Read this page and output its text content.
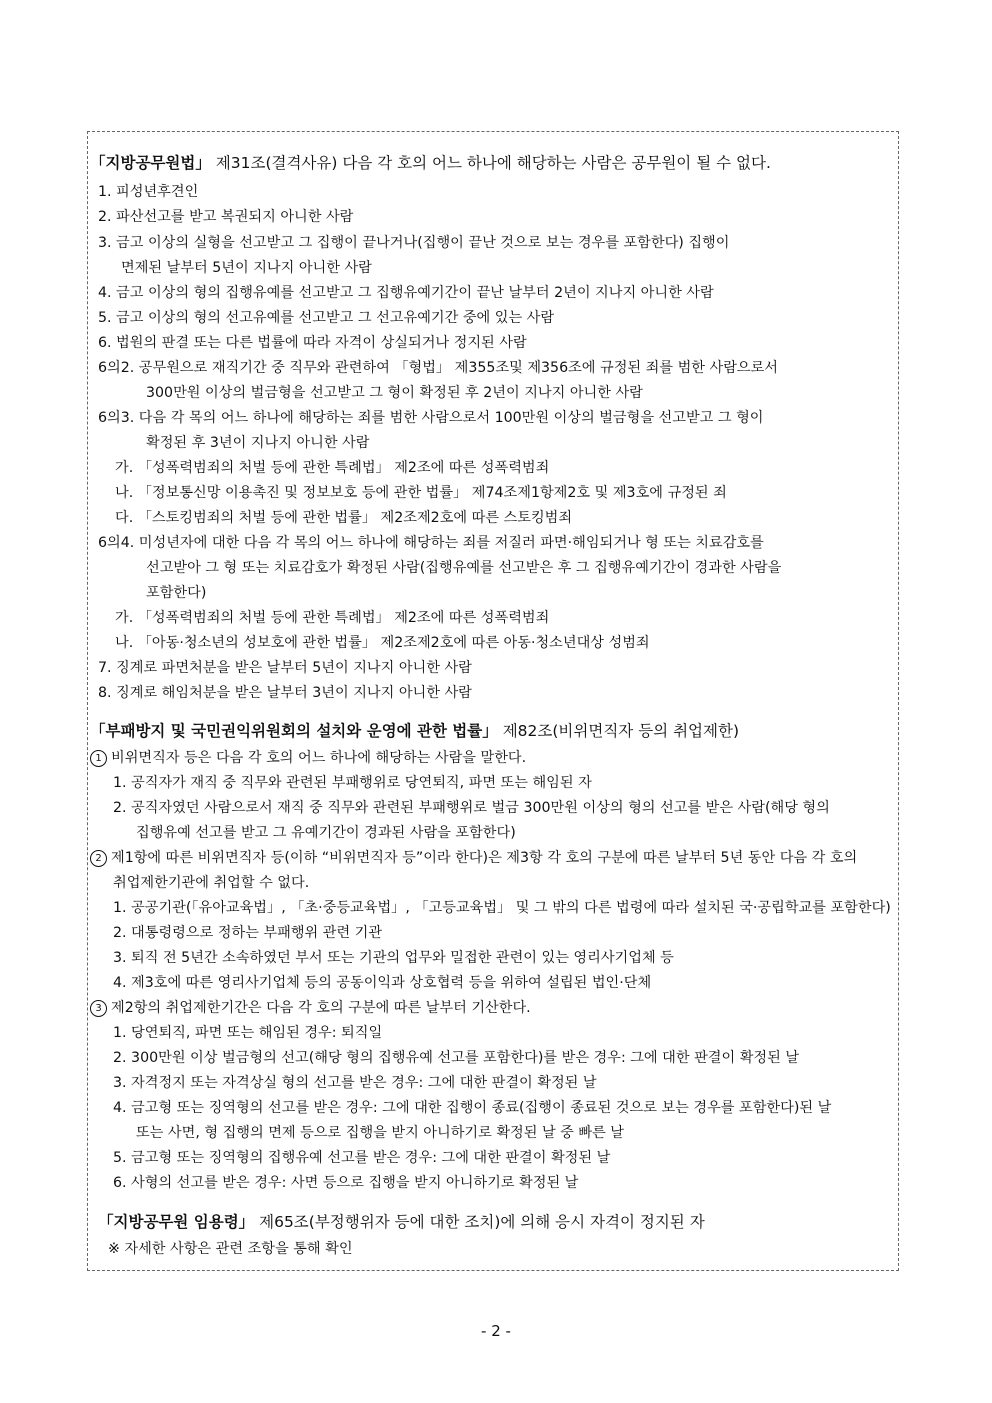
「지방공무원법」 제31조(결격사유) 다음 각 호의 어느 하나에 해당하는 사람은 공무원이 될 수 없다.
1. 피성년후견인
2. 파산선고를 받고 복권되지 아니한 사람
3. 금고 이상의 실형을 선고받고 그 집행이 끝나거나(집행이 끝난 것으로 보는 경우를 포함한다) 집행이
면제된 날부터 5년이 지나지 아니한 사람
4. 금고 이상의 형의 집행유예를 선고받고 그 집행유예기간이 끝난 날부터 2년이 지나지 아니한 사람
5. 금고 이상의 형의 선고유예를 선고받고 그 선고유예기간 중에 있는 사람
6. 법원의 판결 또는 다른 법률에 따라 자격이 상실되거나 정지된 사람
6의2. 공무원으로 재직기간 중 직무와 관련하여 「형법」 제355조및 제356조에 규정된 죄를 범한 사람으로서
300만원 이상의 벌금형을 선고받고 그 형이 확정된 후 2년이 지나지 아니한 사람
6의3. 다음 각 목의 어느 하나에 해당하는 죄를 범한 사람으로서 100만원 이상의 벌금형을 선고받고 그 형이
확정된 후 3년이 지나지 아니한 사람
가. 「성폭력범죄의 처벌 등에 관한 특례법」 제2조에 따른 성폭력범죄
나. 「정보통신망 이용촉진 및 정보보호 등에 관한 법률」 제74조제1항제2호 및 제3호에 규정된 죄
다. 「스토킹범죄의 처벌 등에 관한 법률」 제2조제2호에 따른 스토킹범죄
6의4. 미성년자에 대한 다음 각 목의 어느 하나에 해당하는 죄를 저질러 파면·해임되거나 형 또는 치료감호를
선고받아 그 형 또는 치료감호가 확정된 사람(집행유예를 선고받은 후 그 집행유예기간이 경과한 사람을
포함한다)
가. 「성폭력범죄의 처벌 등에 관한 특례법」 제2조에 따른 성폭력범죄
나. 「아동·청소년의 성보호에 관한 법률」 제2조제2호에 따른 아동·청소년대상 성범죄
7. 징계로 파면처분을 받은 날부터 5년이 지나지 아니한 사람
8. 징계로 해임처분을 받은 날부터 3년이 지나지 아니한 사람
「부패방지 및 국민권익위원회의 설치와 운영에 관한 법률」 제82조(비위면직자 등의 취업제한)
1 비위면직자 등은 다음 각 호의 어느 하나에 해당하는 사람을 말한다.
1. 공직자가 재직 중 직무와 관련된 부패행위로 당연퇴직, 파면 또는 해임된 자
2. 공직자였던 사람으로서 재직 중 직무와 관련된 부패행위로 벌금 300만원 이상의 형의 선고를 받은 사람(해당 형의
집행유예 선고를 받고 그 유예기간이 경과된 사람을 포함한다)
2 제1항에 따른 비위면직자 등(이하 “비위면직자 등”이라 한다)은 제3항 각 호의 구분에 따른 날부터 5년 동안 다음 각 호의
취업제한기관에 취업할 수 없다.
1. 공공기관(「유아교육법」, 「초·중등교육법」, 「고등교육법」 및 그 밖의 다른 법령에 따라 설치된 국·공립학교를 포함한다)
2. 대통령령으로 정하는 부패행위 관련 기관
3. 퇴직 전 5년간 소속하였던 부서 또는 기관의 업무와 밀접한 관련이 있는 영리사기업체 등
4. 제3호에 따른 영리사기업체 등의 공동이익과 상호협력 등을 위하여 설립된 법인·단체
3 제2항의 취업제한기간은 다음 각 호의 구분에 따른 날부터 기산한다.
1. 당연퇴직, 파면 또는 해임된 경우: 퇴직일
2. 300만원 이상 벌금형의 선고(해당 형의 집행유예 선고를 포함한다)를 받은 경우: 그에 대한 판결이 확정된 날
3. 자격정지 또는 자격상실 형의 선고를 받은 경우: 그에 대한 판결이 확정된 날
4. 금고형 또는 징역형의 선고를 받은 경우: 그에 대한 집행이 종료(집행이 종료된 것으로 보는 경우를 포함한다)된 날
또는 사면, 형 집행의 면제 등으로 집행을 받지 아니하기로 확정된 날 중 빠른 날
5. 금고형 또는 징역형의 집행유예 선고를 받은 경우: 그에 대한 판결이 확정된 날
6. 사형의 선고를 받은 경우: 사면 등으로 집행을 받지 아니하기로 확정된 날
「지방공무원 임용령」 제65조(부정행위자 등에 대한 조치)에 의해 응시 자격이 정지된 자
※ 자세한 사항은 관련 조항을 통해 확인
- 2 -
